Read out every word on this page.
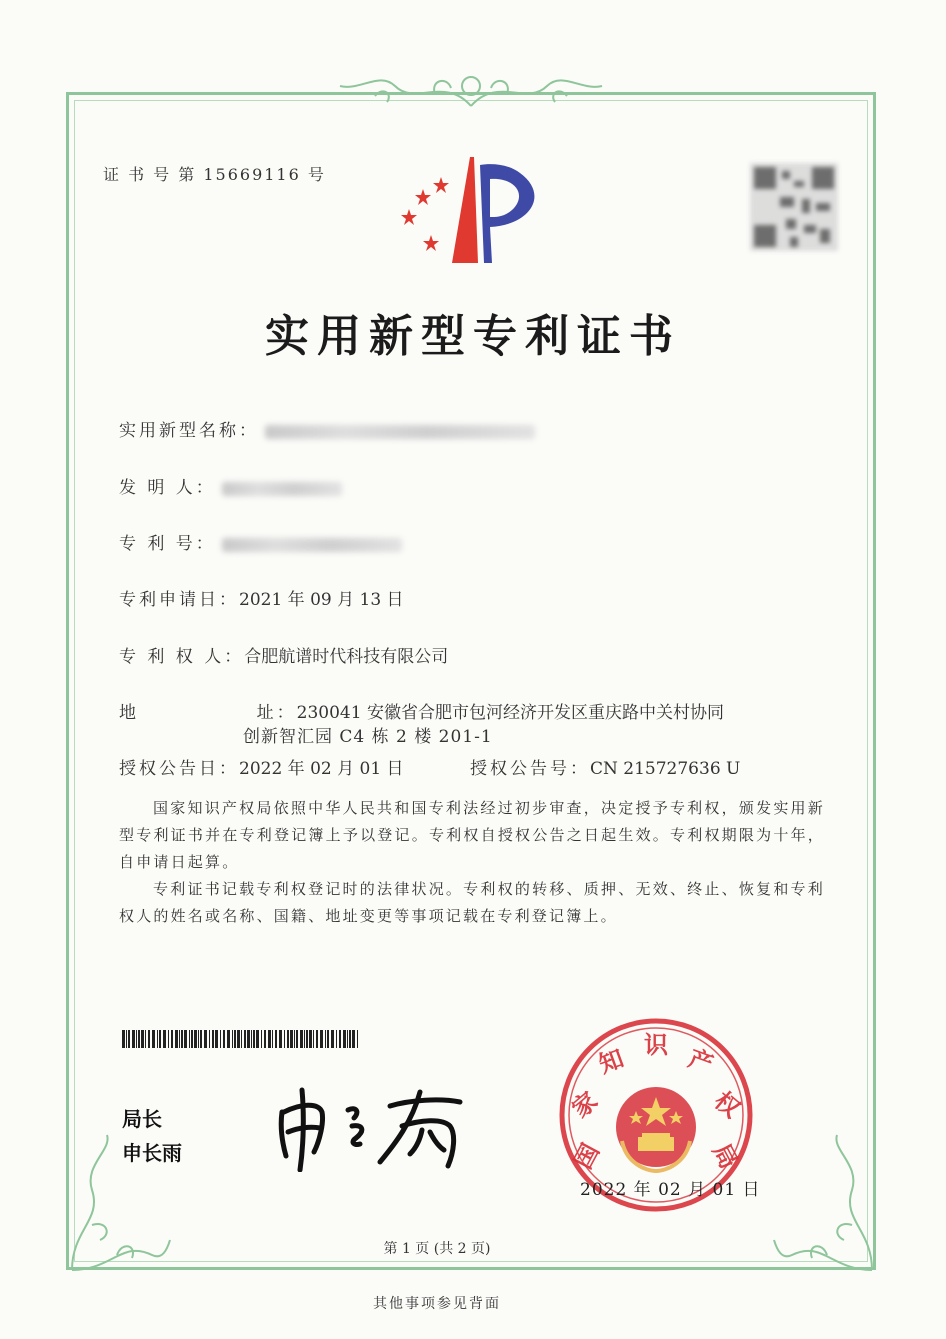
证 书 号 第 15669116 号
实用新型专利证书
实用新型名称：
发 明 人：
专 利 号：
专利申请日：2021 年 09 月 13 日
专 利 权 人：合肥航谱时代科技有限公司
地              址：230041 安徽省合肥市包河经济开发区重庆路中关村协同
创新智汇园 C4 栋 2 楼 201-1
授权公告日：2022 年 02 月 01 日	授权公告号：CN 215727636 U
国家知识产权局依照中华人民共和国专利法经过初步审查，决定授予专利权，颁发实用新型专利证书并在专利登记簿上予以登记。专利权自授权公告之日起生效。专利权期限为十年，自申请日起算。
专利证书记载专利权登记时的法律状况。专利权的转移、质押、无效、终止、恢复和专利权人的姓名或名称、国籍、地址变更等事项记载在专利登记簿上。
局长
申长雨	国
家
知 识 产
权
局
2022 年 02 月 01 日
第 1 页 (共 2 页)
其他事项参见背面
